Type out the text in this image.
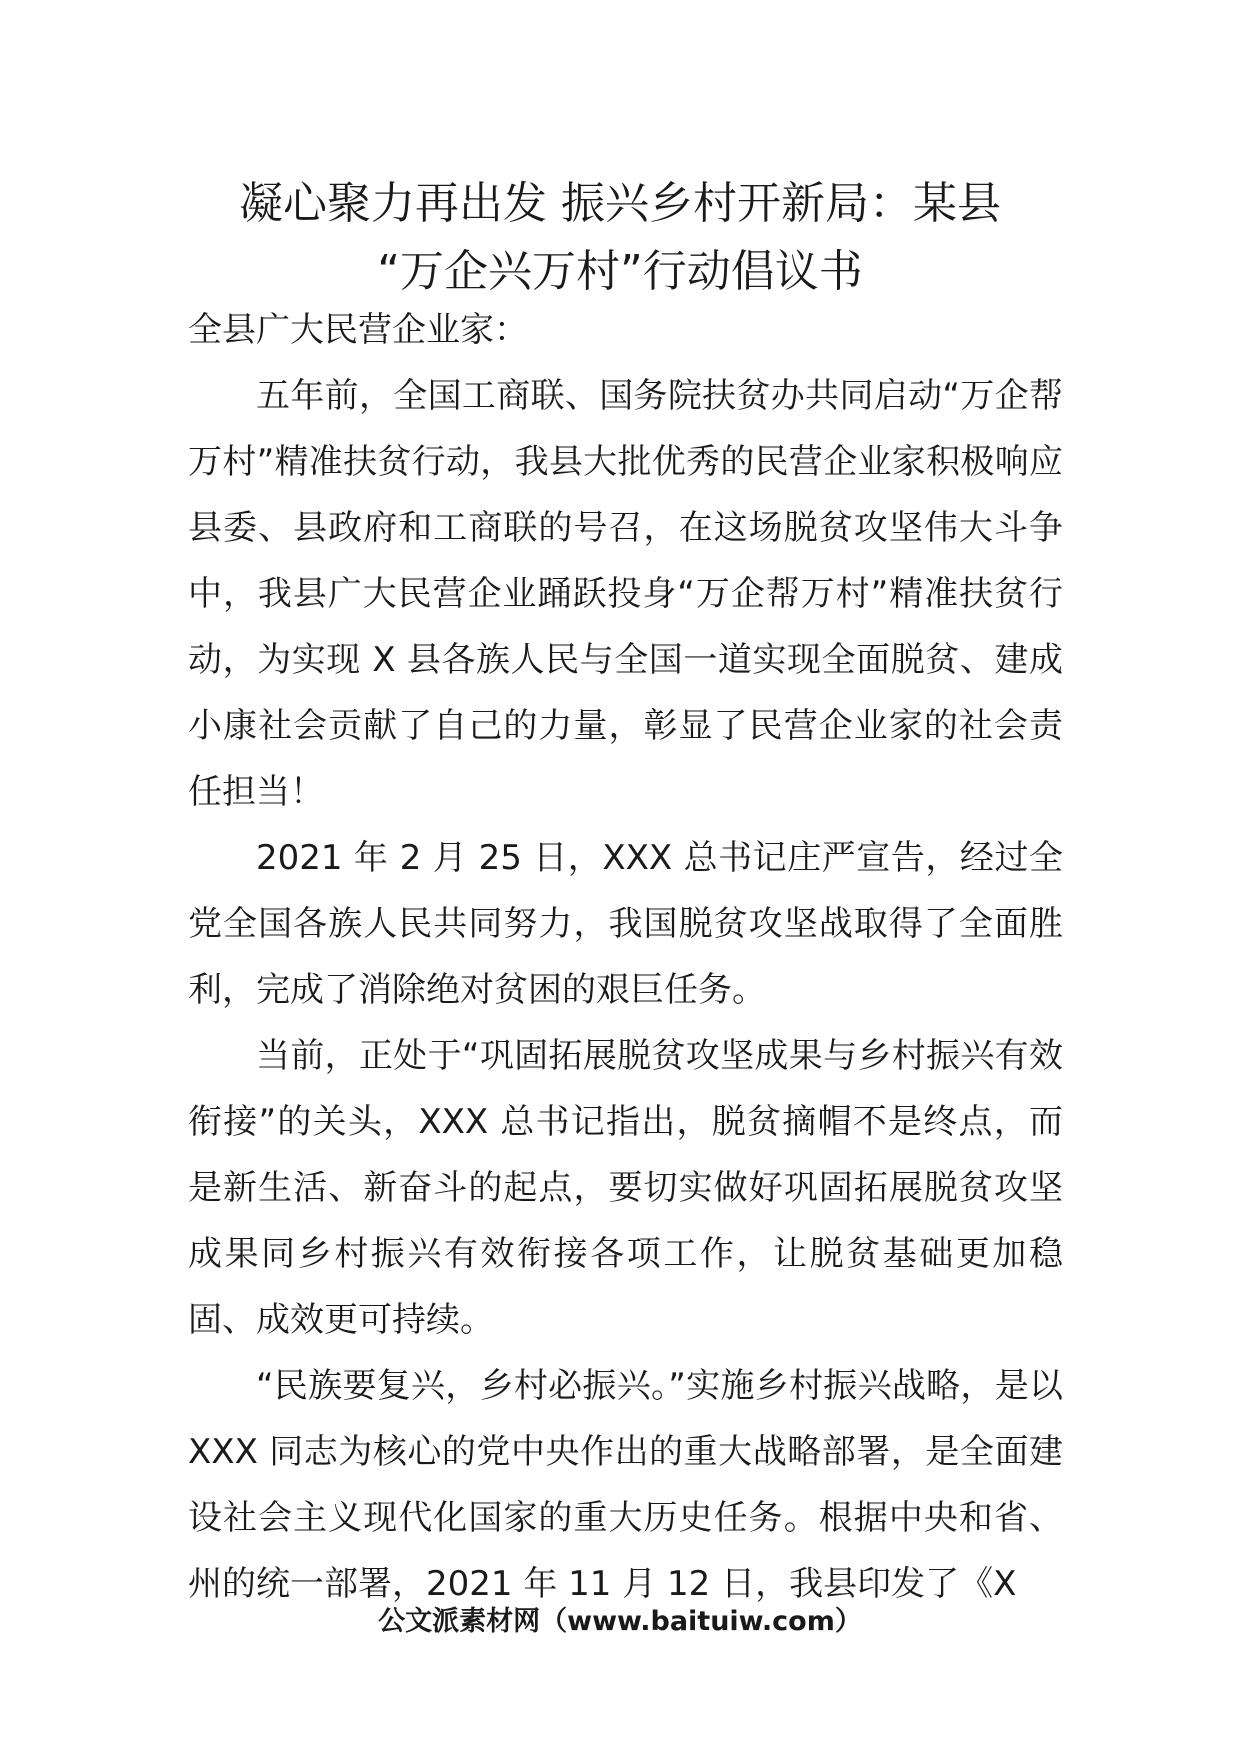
凝心聚力再出发 振兴乡村开新局：某县
“万企兴万村”行动倡议书

全县广大民营企业家：

五年前，全国工商联、国务院扶贫办共同启动“万企帮万村”精准扶贫行动，我县大批优秀的民营企业家积极响应县委、县政府和工商联的号召，在这场脱贫攻坚伟大斗争中，我县广大民营企业踊跃投身“万企帮万村”精准扶贫行动，为实现 X 县各族人民与全国一道实现全面脱贫、建成小康社会贡献了自己的力量，彰显了民营企业家的社会责任担当！

2021 年 2 月 25 日，XXX 总书记庄严宣告，经过全党全国各族人民共同努力，我国脱贫攻坚战取得了全面胜利，完成了消除绝对贫困的艰巨任务。

当前，正处于“巩固拓展脱贫攻坚成果与乡村振兴有效衔接”的关头，XXX 总书记指出，脱贫摘帽不是终点，而是新生活、新奋斗的起点，要切实做好巩固拓展脱贫攻坚成果同乡村振兴有效衔接各项工作，让脱贫基础更加稳固、成效更可持续。

“民族要复兴，乡村必振兴。”实施乡村振兴战略，是以 XXX 同志为核心的党中央作出的重大战略部署，是全面建设社会主义现代化国家的重大历史任务。根据中央和省、州的统一部署，2021 年 11 月 12 日，我县印发了《X

公文派素材网（www.baituiw.com）
